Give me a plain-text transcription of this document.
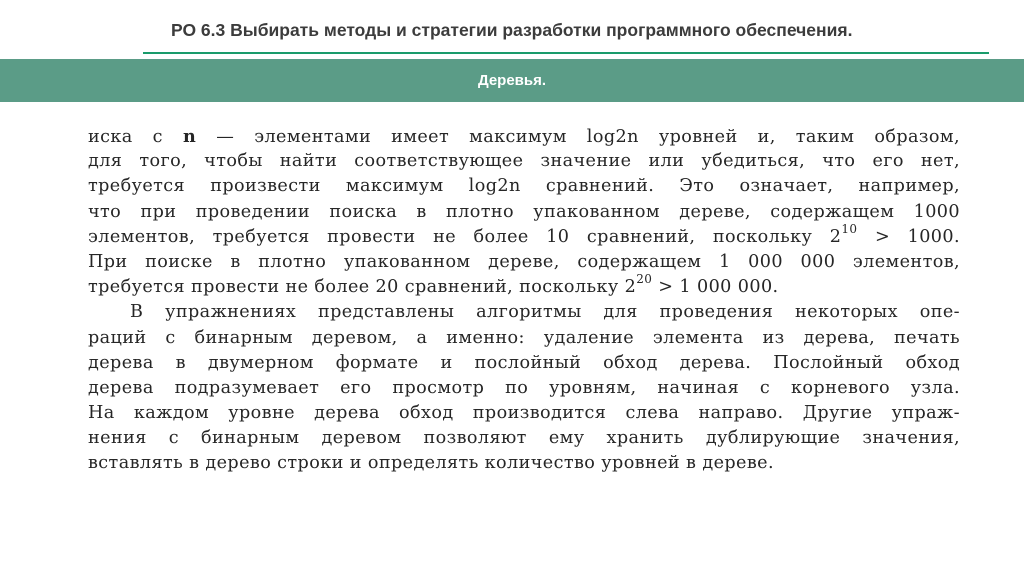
РО 6.3 Выбирать методы и стратегии разработки программного обеспечения.
Деревья.
иска с n — элементами имеет максимум log2n уровней и, таким образом,
для того, чтобы найти соответствующее значение или убедиться, что его нет,
требуется произвести максимум log2n сравнений. Это означает, например,
что при проведении поиска в плотно упакованном дереве, содержащем 1000
элементов, требуется провести не более 10 сравнений, поскольку $2^{10} > 1000$.
При поиске в плотно упакованном дереве, содержащем 1 000 000 элементов,
требуется провести не более 20 сравнений, поскольку $2^{20} > 1$ 000 000.
В упражнениях представлены алгоритмы для проведения некоторых опе-
раций с бинарным деревом, а именно: удаление элемента из дерева, печать
дерева в двумерном формате и послойный обход дерева. Послойный обход
дерева подразумевает его просмотр по уровням, начиная с корневого узла.
На каждом уровне дерева обход производится слева направо. Другие упраж-
нения с бинарным деревом позволяют ему хранить дублирующие значения,
вставлять в дерево строки и определять количество уровней в дереве.
